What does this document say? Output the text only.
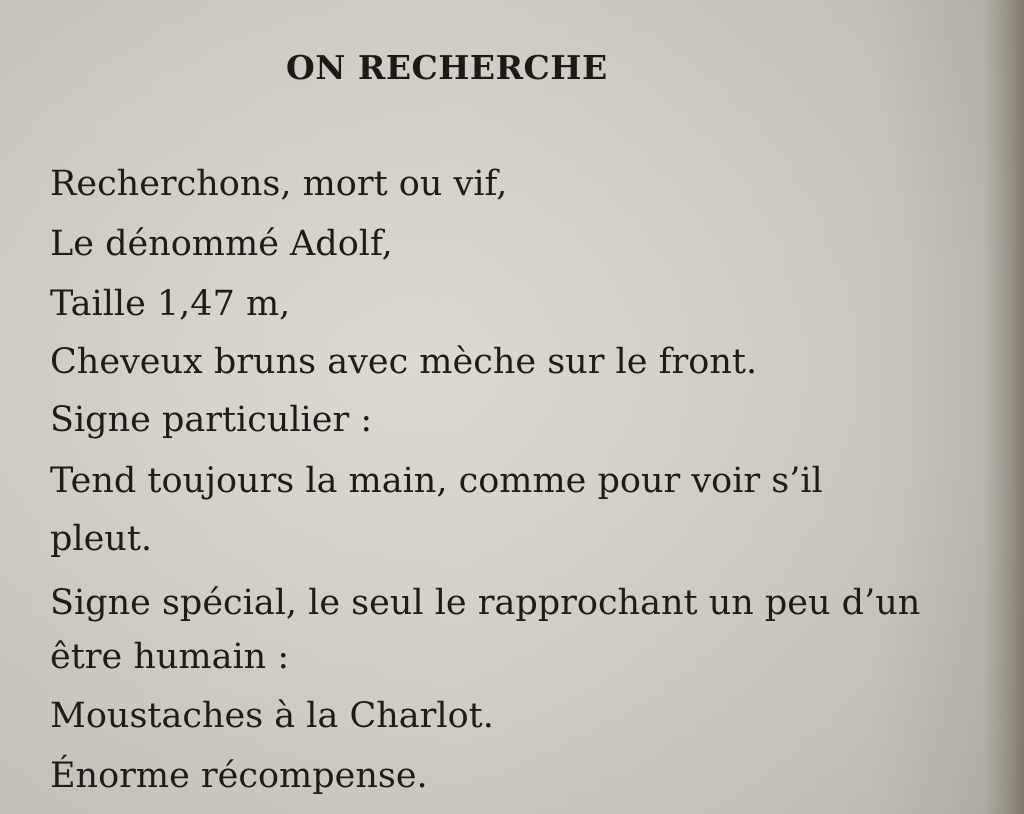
ON RECHERCHE

Recherchons, mort ou vif,

Le dénommé Adolf,

Taille 1,47 m,

Cheveux bruns avec mèche sur le front.

Signe particulier :

Tend toujours la main, comme pour voir s’il

pleut.

Signe spécial, le seul le rapprochant un peu d’un

être humain :

Moustaches à la Charlot.

Énorme récompense.
